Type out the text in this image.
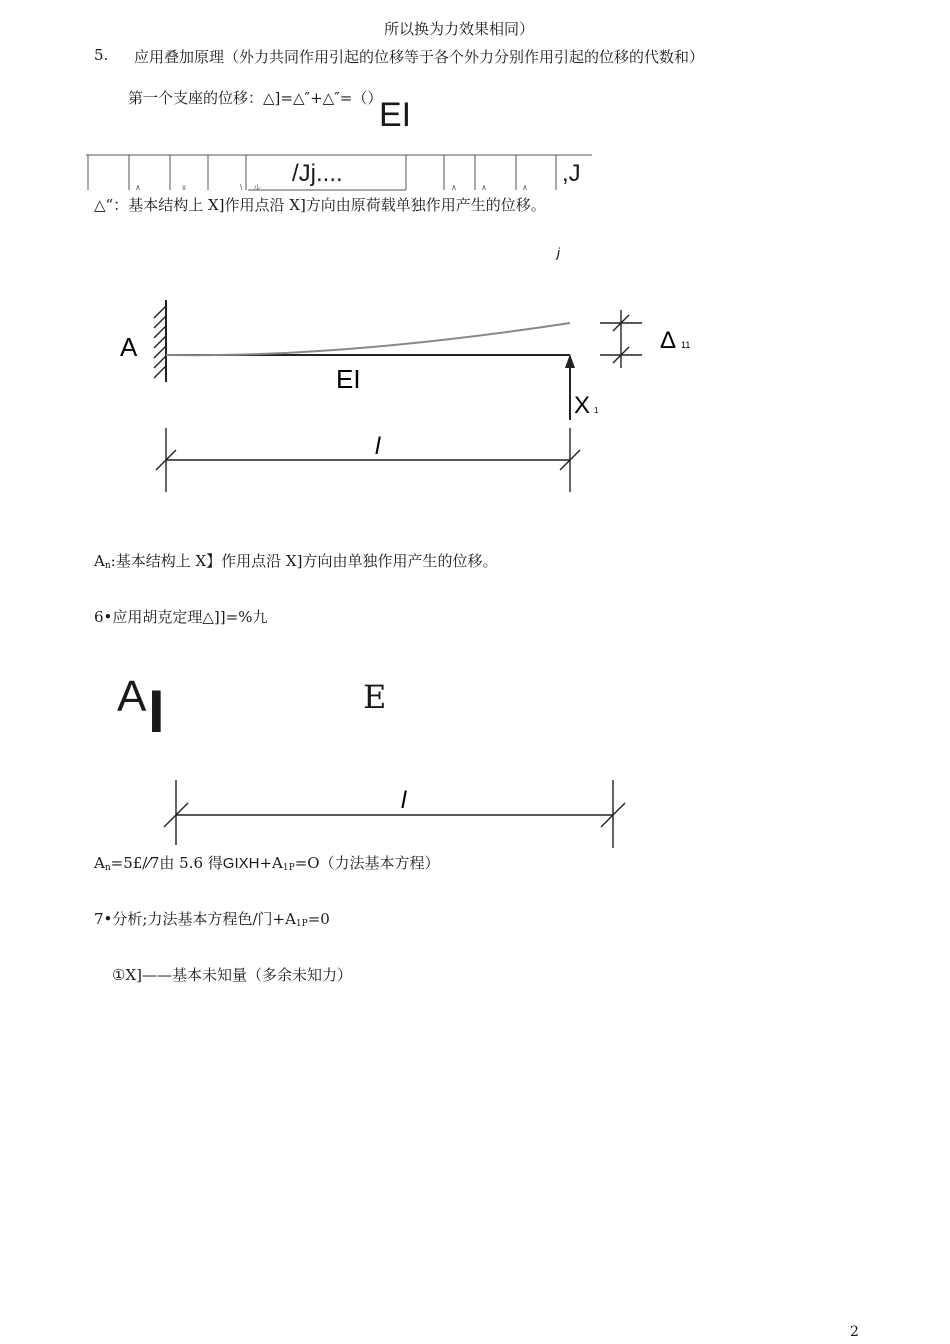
所以换为力效果相同）
5. 应用叠加原理（外力共同作用引起的位移等于各个外力分别作用引起的位移的代数和）
第一个支座的位移：△]=△″+△″=（）
EI
∧	x	\ ル	∧	∧	∧
/Jj....	,J
△“：基本结构上 X]作用点沿 X]方向由原荷载单独作用产生的位移。
j
A
EI
X 1
Δ 11
l
$A_n$:基本结构上 X】作用点沿 X]方向由单独作用产生的位移。
6•应用胡克定理△]]=%九
A I	E
l
$A_n=5£/⁄7$由 5.6 得$GIXH+A_{1P}=O$（力法基本方程）
7•分析;力法基本方程色/门$+A_{1P}=0$
①X]——基本未知量（多余未知力）
2
